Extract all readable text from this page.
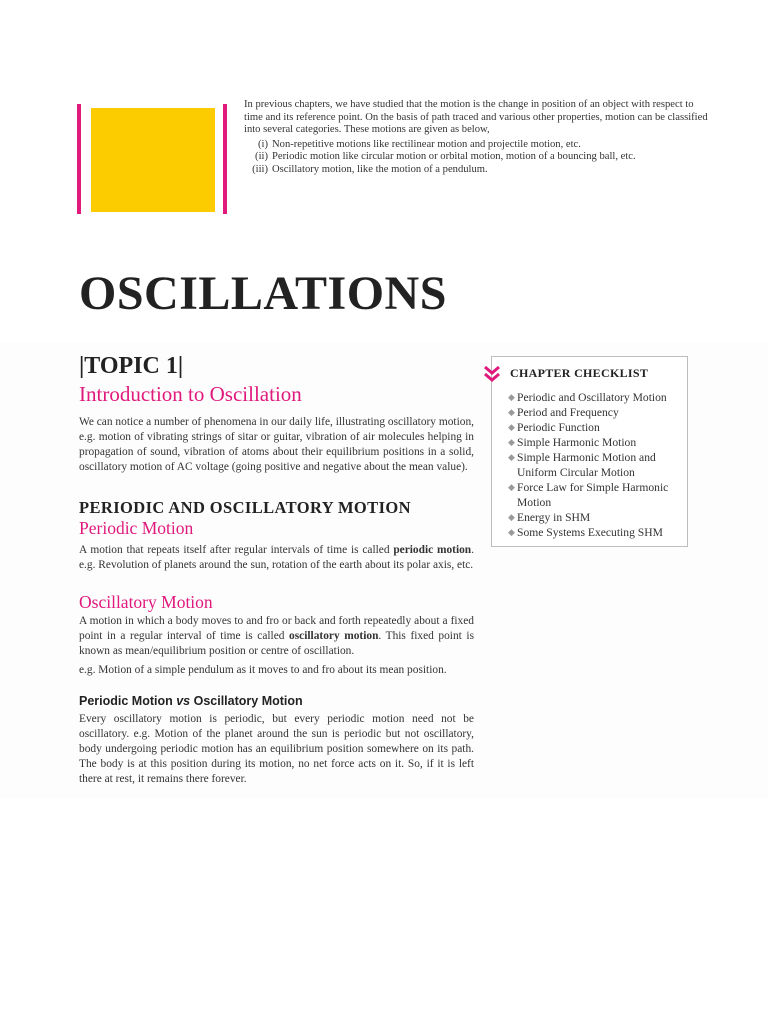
In previous chapters, we have studied that the motion is the change in position of an object with respect to time and its reference point. On the basis of path traced and various other properties, motion can be classified into several categories. These motions are given as below,

(i) Non-repetitive motions like rectilinear motion and projectile motion, etc.
(ii) Periodic motion like circular motion or orbital motion, motion of a bouncing ball, etc.
(iii) Oscillatory motion, like the motion of a pendulum.
OSCILLATIONS
|TOPIC 1|
Introduction to Oscillation

We can notice a number of phenomena in our daily life, illustrating oscillatory motion, e.g. motion of vibrating strings of sitar or guitar, vibration of air molecules helping in propagation of sound, vibration of atoms about their equilibrium positions in a solid, oscillatory motion of AC voltage (going positive and negative about the mean value).

PERIODIC AND OSCILLATORY MOTION
Periodic Motion

A motion that repeats itself after regular intervals of time is called periodic motion. e.g. Revolution of planets around the sun, rotation of the earth about its polar axis, etc.

Oscillatory Motion

A motion in which a body moves to and fro or back and forth repeatedly about a fixed point in a regular interval of time is called oscillatory motion. This fixed point is known as mean/equilibrium position or centre of oscillation.

e.g. Motion of a simple pendulum as it moves to and fro about its mean position.

Periodic Motion vs Oscillatory Motion

Every oscillatory motion is periodic, but every periodic motion need not be oscillatory. e.g. Motion of the planet around the sun is periodic but not oscillatory, body undergoing periodic motion has an equilibrium position somewhere on its path. The body is at this position during its motion, no net force acts on it. So, if it is left there at rest, it remains there forever.

CHAPTER CHECKLIST
◆ Periodic and Oscillatory Motion
◆ Period and Frequency
◆ Periodic Function
◆ Simple Harmonic Motion
◆ Simple Harmonic Motion and Uniform Circular Motion
◆ Force Law for Simple Harmonic Motion
◆ Energy in SHM
◆ Some Systems Executing SHM
